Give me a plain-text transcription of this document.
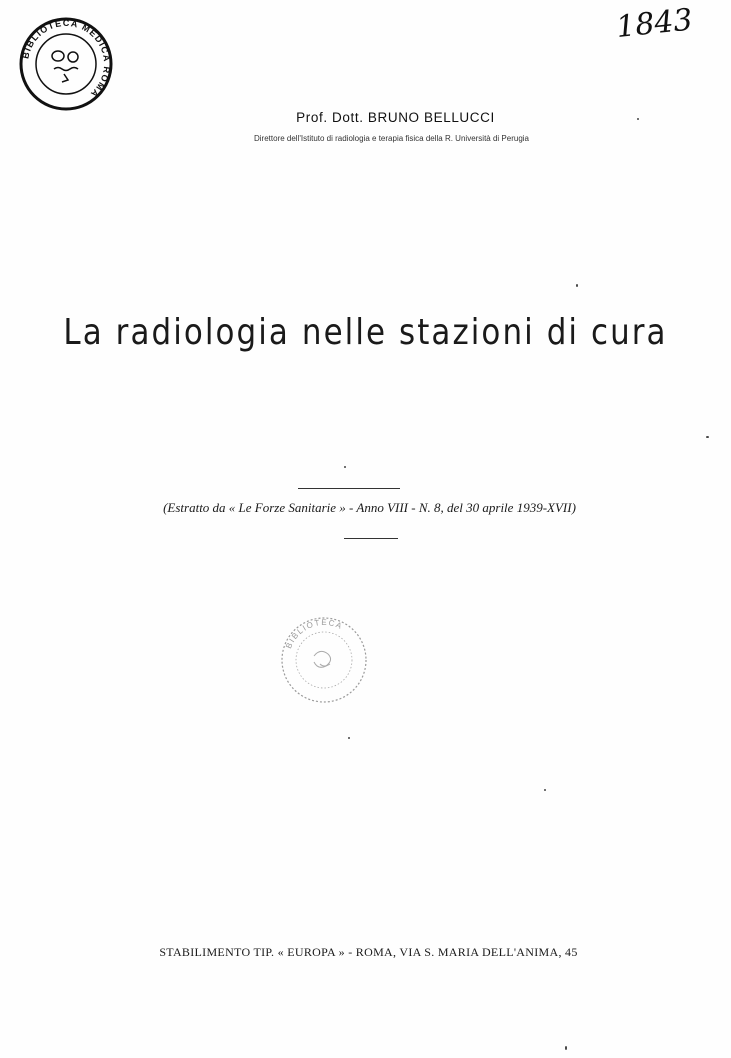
BIBLIOTECA MEDICA ROMA
1843
Prof. Dott. BRUNO BELLUCCI
Direttore dell'Istituto di radiologia e terapia fisica della R. Università di Perugia
La radiologia nelle stazioni di cura
(Estratto da « Le Forze Sanitarie » - Anno VIII - N. 8, del 30 aprile 1939-XVII)
BIBLIOTECA
STABILIMENTO TIP. « EUROPA » - ROMA, VIA S. MARIA DELL'ANIMA, 45
